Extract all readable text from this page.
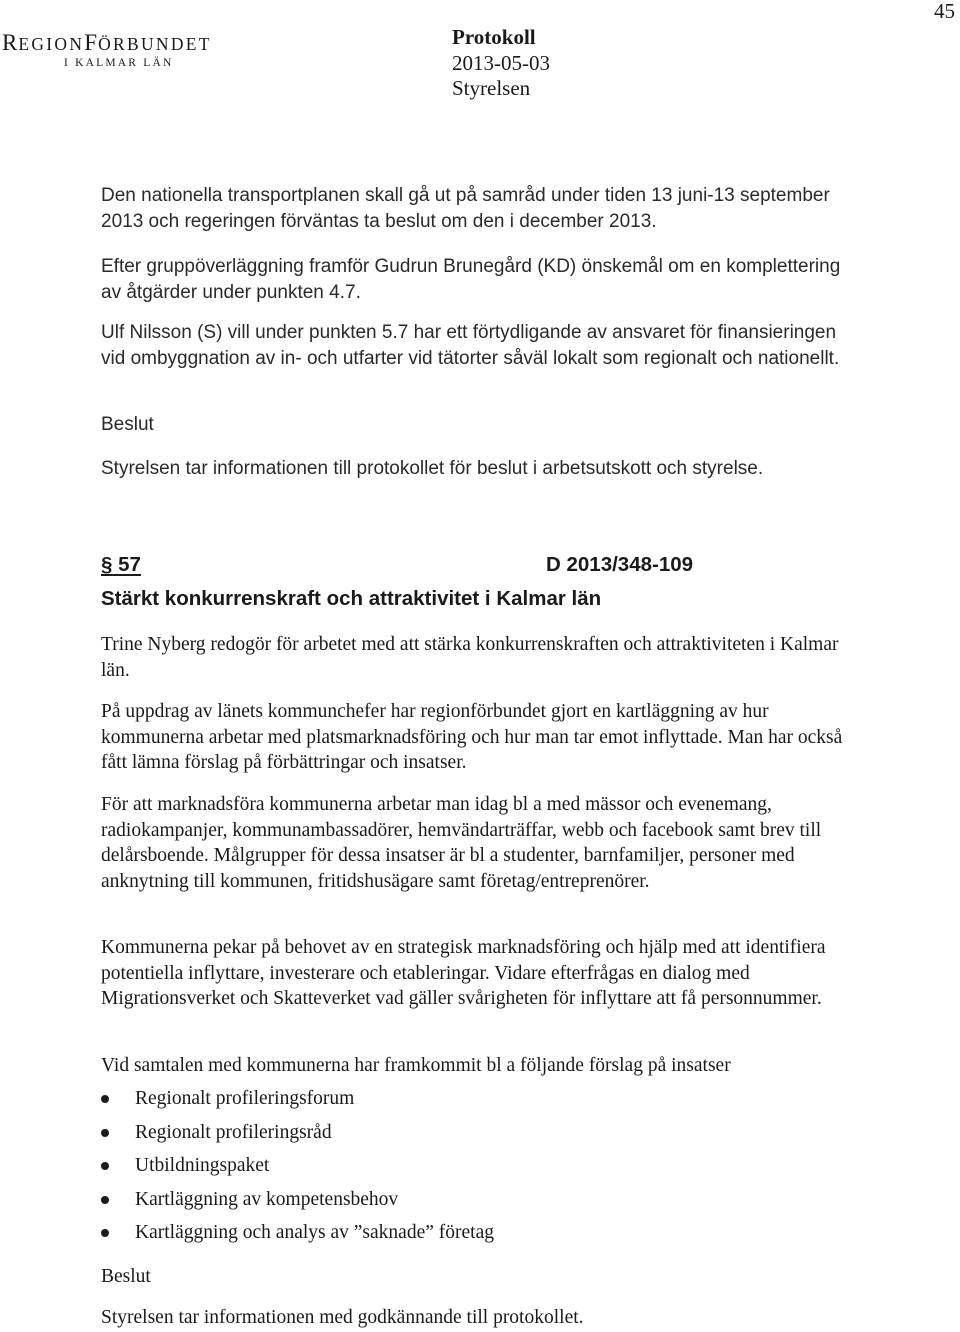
45
REGIONFÖRBUNDET
I KALMAR LÄN
Protokoll
2013-05-03
Styrelsen

Den nationella transportplanen skall gå ut på samråd under tiden 13 juni-13 september 2013 och regeringen förväntas ta beslut om den i december 2013.

Efter gruppöverläggning framför Gudrun Brunegård (KD) önskemål om en komplettering av åtgärder under punkten 4.7.

Ulf Nilsson (S) vill under punkten 5.7 har ett förtydligande av ansvaret för finansieringen vid ombyggnation av in- och utfarter vid tätorter såväl lokalt som regionalt och nationellt.

Beslut

Styrelsen tar informationen till protokollet för beslut i arbetsutskott och styrelse.

§ 57	D 2013/348-109
Stärkt konkurrenskraft och attraktivitet i Kalmar län

Trine Nyberg redogör för arbetet med att stärka konkurrenskraften och attraktiviteten i Kalmar län.

På uppdrag av länets kommunchefer har regionförbundet gjort en kartläggning av hur kommunerna arbetar med platsmarknadsföring och hur man tar emot inflyttade. Man har också fått lämna förslag på förbättringar och insatser.

För att marknadsföra kommunerna arbetar man idag bl a med mässor och evenemang, radiokampanjer, kommunambassadörer, hemvändarträffar, webb och facebook samt brev till delårsboende. Målgrupper för dessa insatser är bl a studenter, barnfamiljer, personer med anknytning till kommunen, fritidshusägare samt företag/entreprenörer.

Kommunerna pekar på behovet av en strategisk marknadsföring och hjälp med att identifiera potentiella inflyttare, investerare och etableringar. Vidare efterfrågas en dialog med Migrationsverket och Skatteverket vad gäller svårigheten för inflyttare att få personnummer.

Vid samtalen med kommunerna har framkommit bl a följande förslag på insatser

Regionalt profileringsforum
Regionalt profileringsråd
Utbildningspaket
Kartläggning av kompetensbehov
Kartläggning och analys av ”saknade” företag

Beslut

Styrelsen tar informationen med godkännande till protokollet.
